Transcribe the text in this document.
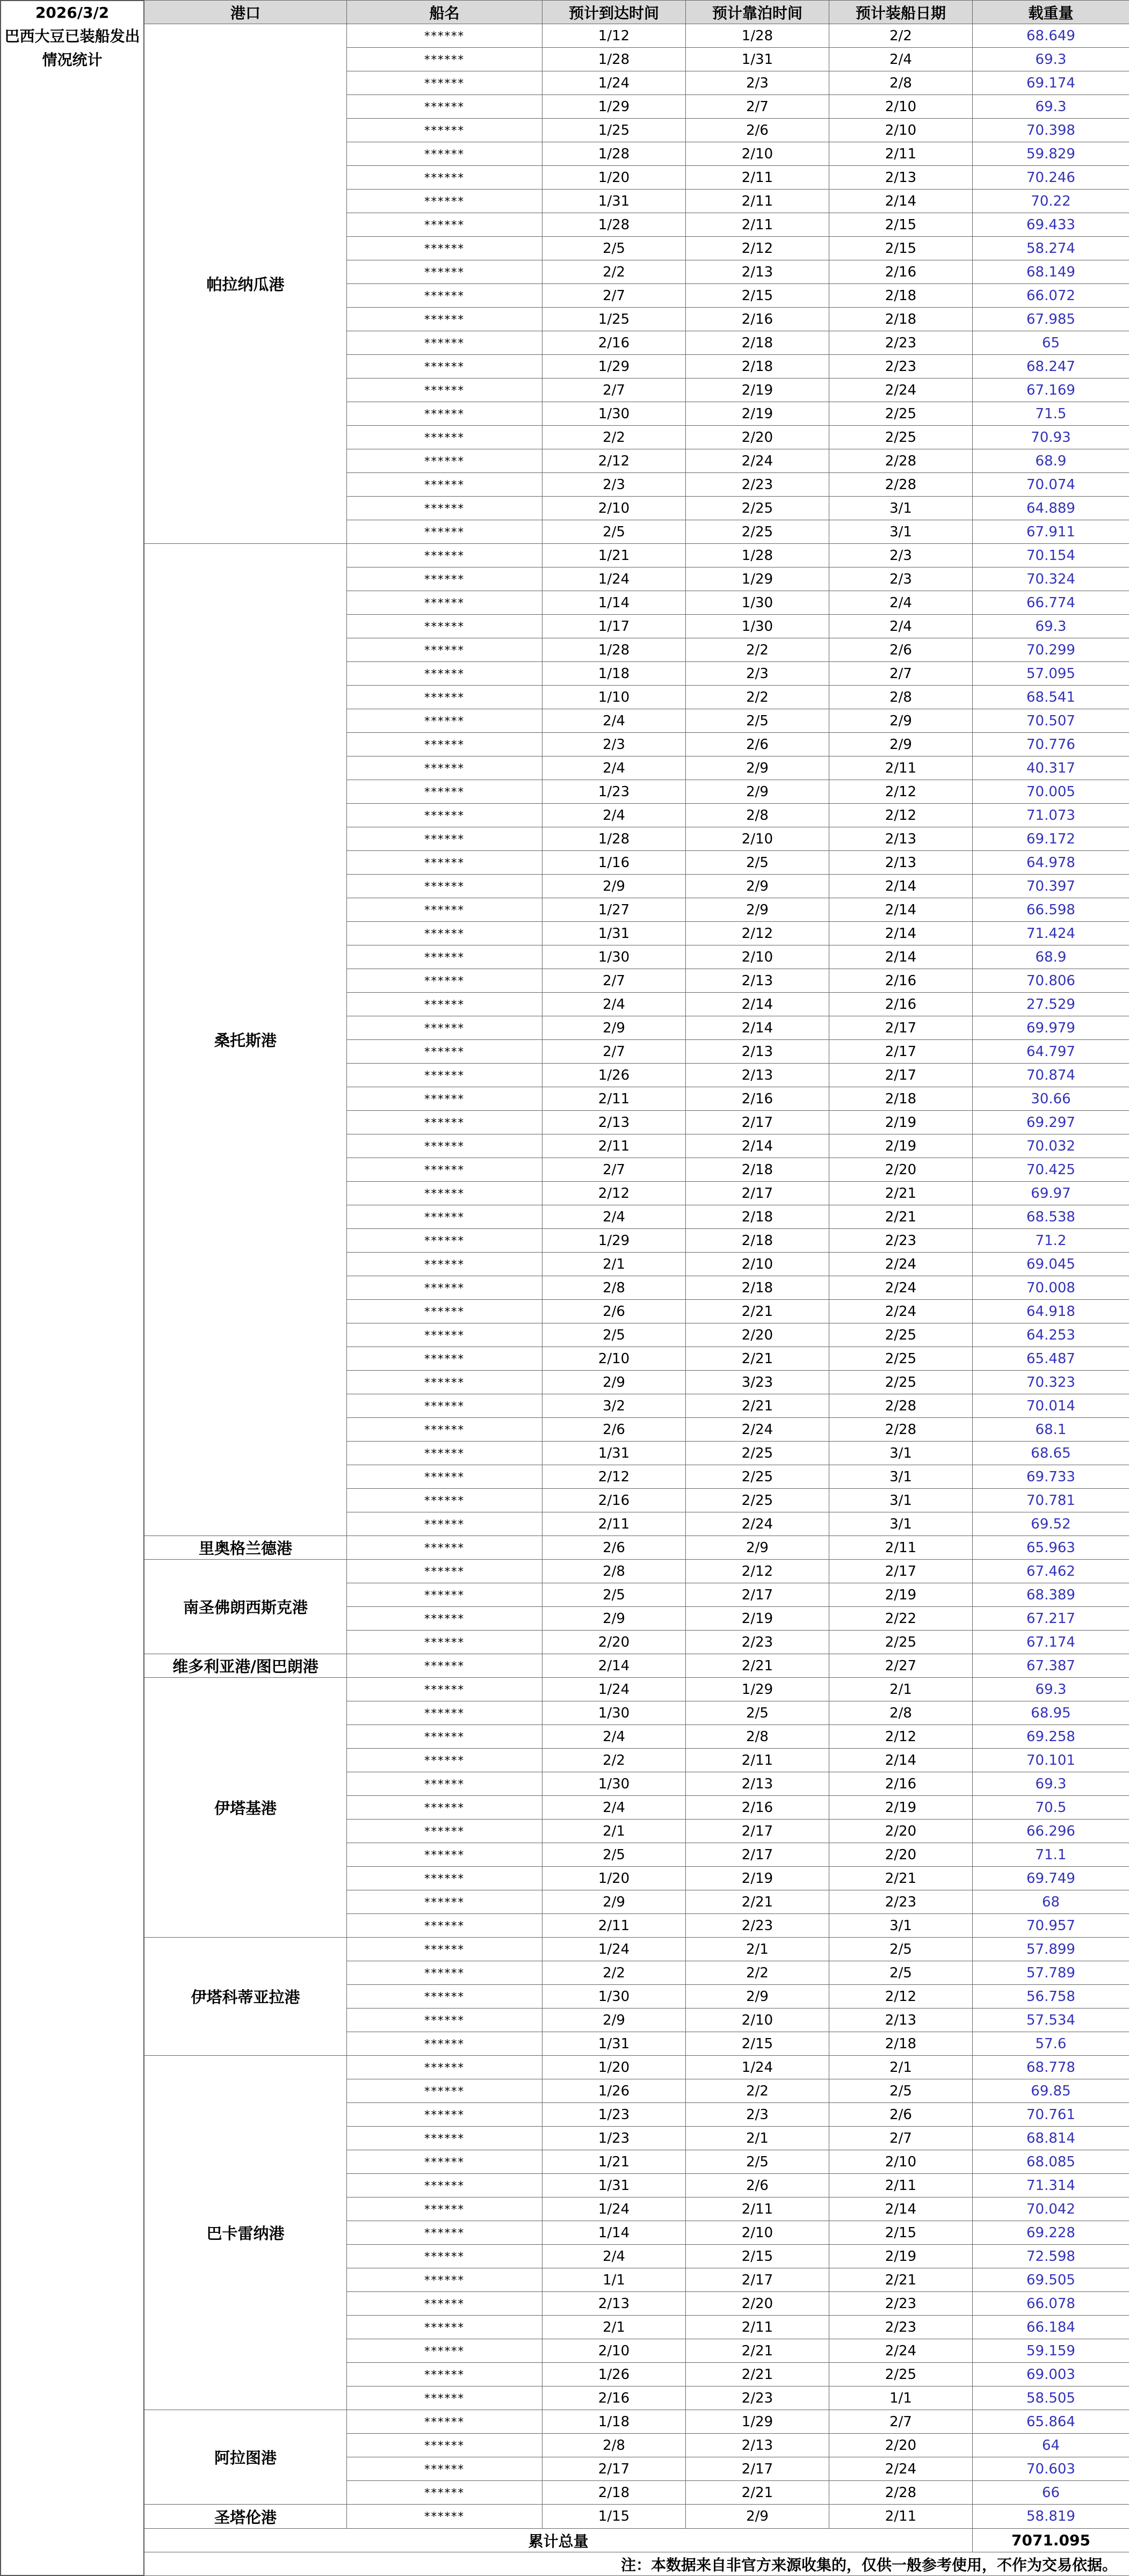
2026/3/2
巴西大豆已装船发出情况统计
港口	船名	预计到达时间	预计靠泊时间	预计装船日期	载重量
帕拉纳瓜港	******	1/12	1/28	2/2	68.649
	******	1/28	1/31	2/4	69.3
	******	1/24	2/3	2/8	69.174
	******	1/29	2/7	2/10	69.3
	******	1/25	2/6	2/10	70.398
	******	1/28	2/10	2/11	59.829
	******	1/20	2/11	2/13	70.246
	******	1/31	2/11	2/14	70.22
	******	1/28	2/11	2/15	69.433
	******	2/5	2/12	2/15	58.274
	******	2/2	2/13	2/16	68.149
	******	2/7	2/15	2/18	66.072
	******	1/25	2/16	2/18	67.985
	******	2/16	2/18	2/23	65
	******	1/29	2/18	2/23	68.247
	******	2/7	2/19	2/24	67.169
	******	1/30	2/19	2/25	71.5
	******	2/2	2/20	2/25	70.93
	******	2/12	2/24	2/28	68.9
	******	2/3	2/23	2/28	70.074
	******	2/10	2/25	3/1	64.889
	******	2/5	2/25	3/1	67.911
桑托斯港	******	1/21	1/28	2/3	70.154
	******	1/24	1/29	2/3	70.324
	******	1/14	1/30	2/4	66.774
	******	1/17	1/30	2/4	69.3
	******	1/28	2/2	2/6	70.299
	******	1/18	2/3	2/7	57.095
	******	1/10	2/2	2/8	68.541
	******	2/4	2/5	2/9	70.507
	******	2/3	2/6	2/9	70.776
	******	2/4	2/9	2/11	40.317
	******	1/23	2/9	2/12	70.005
	******	2/4	2/8	2/12	71.073
	******	1/28	2/10	2/13	69.172
	******	1/16	2/5	2/13	64.978
	******	2/9	2/9	2/14	70.397
	******	1/27	2/9	2/14	66.598
	******	1/31	2/12	2/14	71.424
	******	1/30	2/10	2/14	68.9
	******	2/7	2/13	2/16	70.806
	******	2/4	2/14	2/16	27.529
	******	2/9	2/14	2/17	69.979
	******	2/7	2/13	2/17	64.797
	******	1/26	2/13	2/17	70.874
	******	2/11	2/16	2/18	30.66
	******	2/13	2/17	2/19	69.297
	******	2/11	2/14	2/19	70.032
	******	2/7	2/18	2/20	70.425
	******	2/12	2/17	2/21	69.97
	******	2/4	2/18	2/21	68.538
	******	1/29	2/18	2/23	71.2
	******	2/1	2/10	2/24	69.045
	******	2/8	2/18	2/24	70.008
	******	2/6	2/21	2/24	64.918
	******	2/5	2/20	2/25	64.253
	******	2/10	2/21	2/25	65.487
	******	2/9	3/23	2/25	70.323
	******	3/2	2/21	2/28	70.014
	******	2/6	2/24	2/28	68.1
	******	1/31	2/25	3/1	68.65
	******	2/12	2/25	3/1	69.733
	******	2/16	2/25	3/1	70.781
	******	2/11	2/24	3/1	69.52
里奥格兰德港	******	2/6	2/9	2/11	65.963
南圣佛朗西斯克港	******	2/8	2/12	2/17	67.462
	******	2/5	2/17	2/19	68.389
	******	2/9	2/19	2/22	67.217
	******	2/20	2/23	2/25	67.174
维多利亚港/图巴朗港	******	2/14	2/21	2/27	67.387
伊塔基港	******	1/24	1/29	2/1	69.3
	******	1/30	2/5	2/8	68.95
	******	2/4	2/8	2/12	69.258
	******	2/2	2/11	2/14	70.101
	******	1/30	2/13	2/16	69.3
	******	2/4	2/16	2/19	70.5
	******	2/1	2/17	2/20	66.296
	******	2/5	2/17	2/20	71.1
	******	1/20	2/19	2/21	69.749
	******	2/9	2/21	2/23	68
	******	2/11	2/23	3/1	70.957
伊塔科蒂亚拉港	******	1/24	2/1	2/5	57.899
	******	2/2	2/2	2/5	57.789
	******	1/30	2/9	2/12	56.758
	******	2/9	2/10	2/13	57.534
	******	1/31	2/15	2/18	57.6
巴卡雷纳港	******	1/20	1/24	2/1	68.778
	******	1/26	2/2	2/5	69.85
	******	1/23	2/3	2/6	70.761
	******	1/23	2/1	2/7	68.814
	******	1/21	2/5	2/10	68.085
	******	1/31	2/6	2/11	71.314
	******	1/24	2/11	2/14	70.042
	******	1/14	2/10	2/15	69.228
	******	2/4	2/15	2/19	72.598
	******	1/1	2/17	2/21	69.505
	******	2/13	2/20	2/23	66.078
	******	2/1	2/11	2/23	66.184
	******	2/10	2/21	2/24	59.159
	******	1/26	2/21	2/25	69.003
	******	2/16	2/23	1/1	58.505
阿拉图港	******	1/18	1/29	2/7	65.864
	******	2/8	2/13	2/20	64
	******	2/17	2/17	2/24	70.603
	******	2/18	2/21	2/28	66
圣塔伦港	******	1/15	2/9	2/11	58.819
累计总量					7071.095
注：本数据来自非官方来源收集的，仅供一般参考使用，不作为交易依据。					
